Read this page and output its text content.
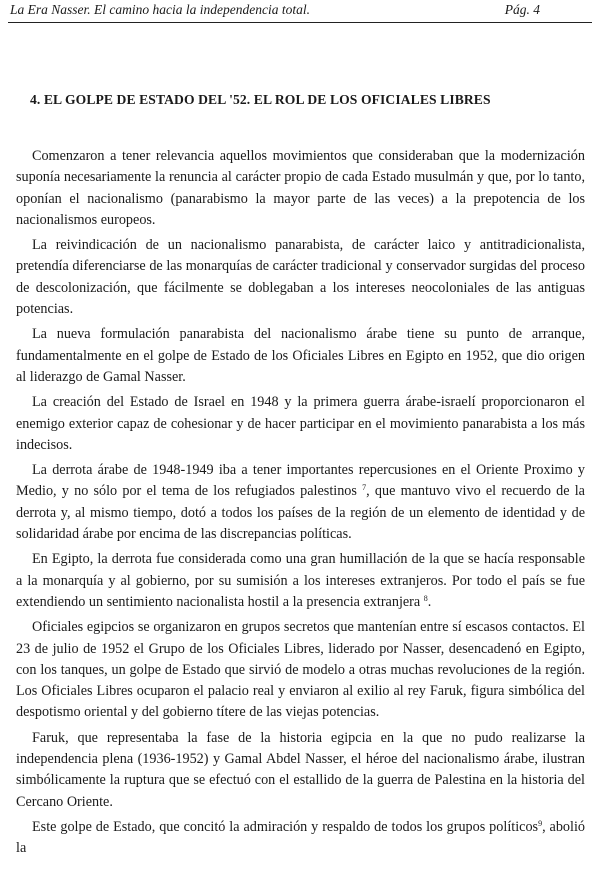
La Era Nasser. El camino hacia la independencia total.	Pág. 4
4. EL GOLPE DE ESTADO DEL '52. EL ROL DE LOS OFICIALES LIBRES

Comenzaron a tener relevancia aquellos movimientos que consideraban que la modernización suponía necesariamente la renuncia al carácter propio de cada Estado musulmán y que, por lo tanto, oponían el nacionalismo (panarabismo la mayor parte de las veces) a la prepotencia de los nacionalismos europeos.

La reivindicación de un nacionalismo panarabista, de carácter laico y antitradicionalista, pretendía diferenciarse de las monarquías de carácter tradicional y conservador surgidas del proceso de descolonización, que fácilmente se doblegaban a los intereses neocoloniales de las antiguas potencias.

La nueva formulación panarabista del nacionalismo árabe tiene su punto de arranque, fundamentalmente en el golpe de Estado de los Oficiales Libres en Egipto en 1952, que dio origen al liderazgo de Gamal Nasser.

La creación del Estado de Israel en 1948 y la primera guerra árabe-israelí proporcionaron el enemigo exterior capaz de cohesionar y de hacer participar en el movimiento panarabista a los más indecisos.

La derrota árabe de 1948-1949 iba a tener importantes repercusiones en el Oriente Proximo y Medio, y no sólo por el tema de los refugiados palestinos $^7$, que mantuvo vivo el recuerdo de la derrota y, al mismo tiempo, dotó a todos los países de la región de un elemento de identidad y de solidaridad árabe por encima de las discrepancias políticas.

En Egipto, la derrota fue considerada como una gran humillación de la que se hacía responsable a la monarquía y al gobierno, por su sumisión a los intereses extranjeros. Por todo el país se fue extendiendo un sentimiento nacionalista hostil a la presencia extranjera $^8$.

Oficiales egipcios se organizaron en grupos secretos que mantenían entre sí escasos contactos. El 23 de julio de 1952 el Grupo de los Oficiales Libres, liderado por Nasser, desencadenó en Egipto, con los tanques, un golpe de Estado que sirvió de modelo a otras muchas revoluciones de la región. Los Oficiales Libres ocuparon el palacio real y enviaron al exilio al rey Faruk, figura simbólica del despotismo oriental y del gobierno títere de las viejas potencias.

Faruk, que representaba la fase de la historia egipcia en la que no pudo realizarse la independencia plena (1936-1952) y Gamal Abdel Nasser, el héroe del nacionalismo árabe, ilustran simbólicamente la ruptura que se efectuó con el estallido de la guerra de Palestina en la historia del Cercano Oriente.

Este golpe de Estado, que concitó la admiración y respaldo de todos los grupos políticos$^9$, abolió la
